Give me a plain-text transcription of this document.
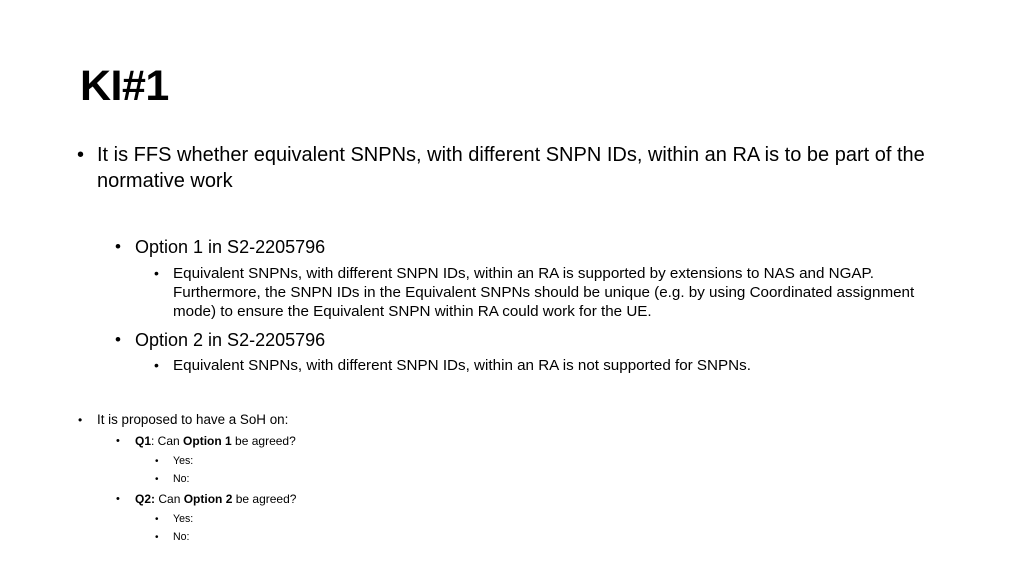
KI#1
• It is FFS whether equivalent SNPNs, with different SNPN IDs, within an RA is to be part of the normative work
• Option 1 in S2-2205796
• Equivalent SNPNs, with different SNPN IDs, within an RA is supported by extensions to NAS and NGAP. Furthermore, the SNPN IDs in the Equivalent SNPNs should be unique (e.g. by using Coordinated assignment mode) to ensure the Equivalent SNPN within RA could work for the UE.
• Option 2 in S2-2205796
• Equivalent SNPNs, with different SNPN IDs, within an RA is not supported for SNPNs.
• It is proposed to have a SoH on:
• Q1: Can Option 1 be agreed?
• Yes:
• No:
• Q2: Can Option 2 be agreed?
• Yes:
• No:
